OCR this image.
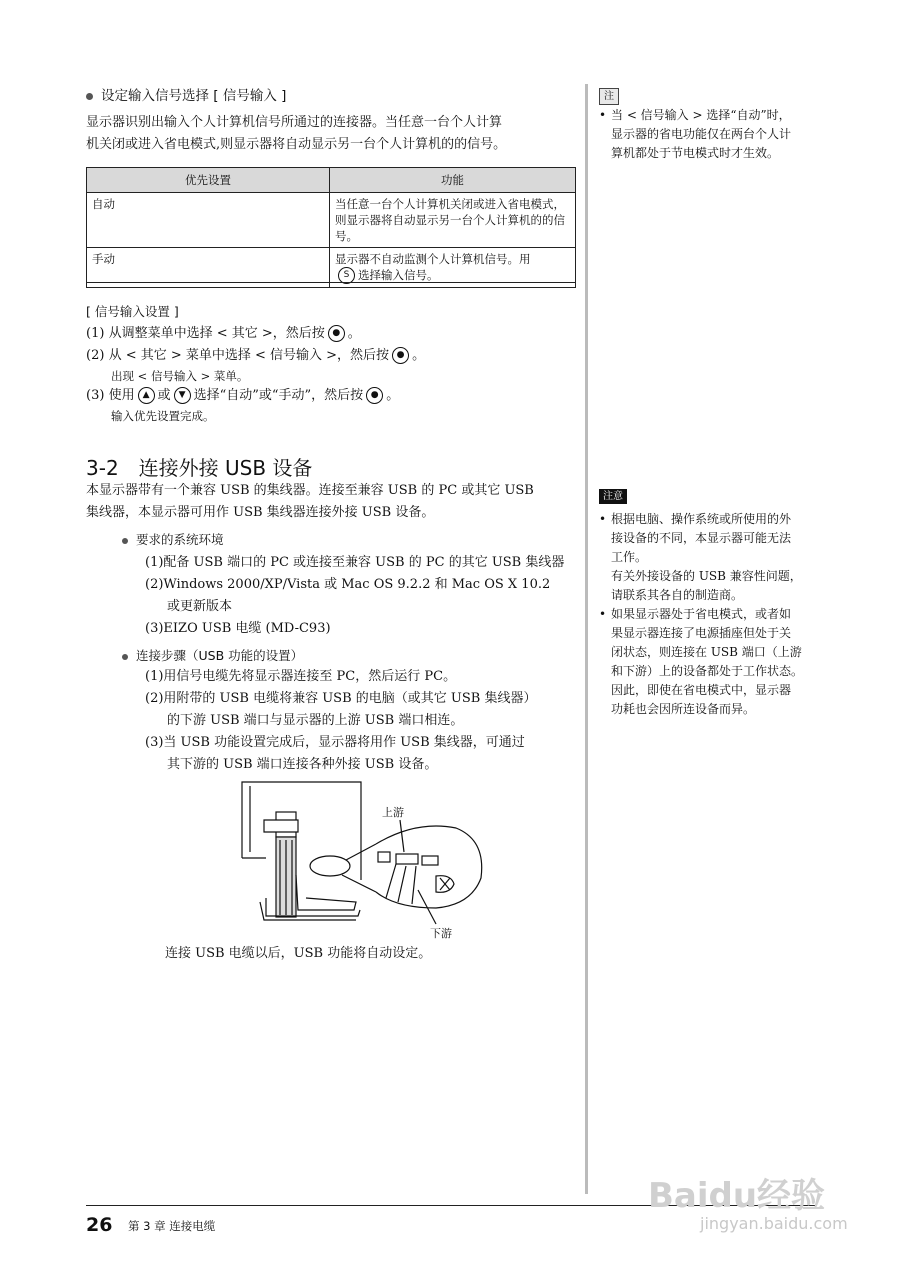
设定输入信号选择 [ 信号输入 ]
显示器识别出输入个人计算机信号所通过的连接器。当任意一台个人计算
机关闭或进入省电模式,则显示器将自动显示另一台个人计算机的的信号。
优先设置	功能
自动	当任意一台个人计算机关闭或进入省电模式，则显示器将自动显示另一台个人计算机的的信号。
手动	显示器不自动监测个人计算机信号。用
S 选择输入信号。
[ 信号输入设置 ]
(1) 从调整菜单中选择 < 其它 >，然后按 ● 。
(2) 从 < 其它 > 菜单中选择 < 信号输入 >，然后按 ● 。
出现 < 信号输入 > 菜单。
(3) 使用 ▲ 或 ▼ 选择“自动”或“手动”，然后按 ● 。
输入优先设置完成。
3-2　连接外接 USB 设备
本显示器带有一个兼容 USB 的集线器。连接至兼容 USB 的 PC 或其它 USB
集线器，本显示器可用作 USB 集线器连接外接 USB 设备。
要求的系统环境
(1)配备 USB 端口的 PC 或连接至兼容 USB 的 PC 的其它 USB 集线器
(2)Windows 2000/XP/Vista 或 Mac OS 9.2.2 和 Mac OS X 10.2
或更新版本
(3)EIZO USB 电缆 (MD-C93)
连接步骤（USB 功能的设置）
(1)用信号电缆先将显示器连接至 PC，然后运行 PC。
(2)用附带的 USB 电缆将兼容 USB 的电脑（或其它 USB 集线器）
的下游 USB 端口与显示器的上游 USB 端口相连。
(3)当 USB 功能设置完成后，显示器将用作 USB 集线器，可通过
其下游的 USB 端口连接各种外接 USB 设备。
上游
下游
连接 USB 电缆以后，USB 功能将自动设定。
注
• 当 < 信号输入 > 选择“自动”时，
显示器的省电功能仅在两台个人计
算机都处于节电模式时才生效。
注意
• 根据电脑、操作系统或所使用的外
接设备的不同，本显示器可能无法
工作。
有关外接设备的 USB 兼容性问题，
请联系其各自的制造商。
• 如果显示器处于省电模式，或者如
果显示器连接了电源插座但处于关
闭状态，则连接在 USB 端口（上游
和下游）上的设备都处于工作状态。
因此，即使在省电模式中，显示器
功耗也会因所连设备而异。
26 第 3 章 连接电缆
Baidu经验
jingyan.baidu.com
